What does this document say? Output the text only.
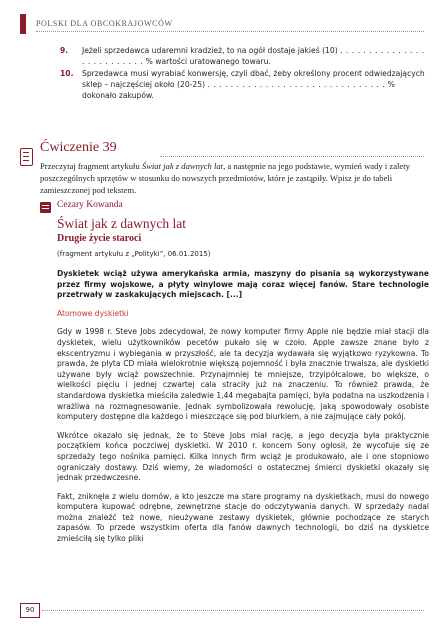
POLSKI DLA OBCOKRAJOWCÓW
9. Jeżeli sprzedawca udaremni kradzież, to na ogół dostaje jakieś (10) . . . . . . . . . . . . . . . . . . . . . . . . . . % wartości uratowanego towaru.
10. Sprzedawca musi wyrabiać konwersję, czyli dbać, żeby określony procent odwiedzających sklep – najczęściej około (20-25) . . . . . . . . . . . . . . . . . . . . . . . . . . . . . . . % dokonało zakupów.
Ćwiczenie 39
Przeczytaj fragment artykułu Świat jak z dawnych lat, a następnie na jego podstawie, wymień wady i zalety poszczególnych sprzętów w stosunku do nowszych przedmiotów, które je zastąpiły. Wpisz je do tabeli zamieszczonej pod tekstem.
Cezary Kowanda
Świat jak z dawnych lat
Drugie życie staroci
(fragment artykułu z „Polityki”, 06.01.2015)

Dyskietek wciąż używa amerykańska armia, maszyny do pisania są wykorzystywane przez firmy wojskowe, a płyty winylowe mają coraz więcej fanów. Stare technologie przetrwały w zaskakujących miejscach. [...]

Atomowe dyskietki

Gdy w 1998 r. Steve Jobs zdecydował, że nowy komputer firmy Apple nie będzie miał stacji dla dyskietek, wielu użytkowników pecetów pukało się w czoło. Apple zawsze znane było z ekscentryzmu i wybiegania w przyszłość, ale ta decyzja wydawała się wyjątkowo ryzykowna. To prawda, że płyta CD miała wielokrotnie większą pojemność i była znacznie trwalsza, ale dyskietki używane były wciąż powszechnie. Przynajmniej te mniejsze, trzyipółcalowe, bo większe, o wielkości pięciu i jednej czwartej cala straciły już na znaczeniu. To również prawda, że standardowa dyskietka mieściła zaledwie 1,44 megabajta pamięci, była podatna na uszkodzenia i wrażliwa na rozmagnesowanie. Jednak symbolizowała rewolucję, jaką spowodowały osobiste komputery dostępne dla każdego i mieszczące się pod biurkiem, a nie zajmujące cały pokój.

Wkrótce okazało się jednak, że to Steve Jobs miał rację, a jego decyzja była praktycznie początkiem końca poczciwej dyskietki. W 2010 r. koncern Sony ogłosił, że wycofuje się ze sprzedaży tego nośnika pamięci. Kilka innych firm wciąż je produkowało, ale i one stopniowo ograniczały dostawy. Dziś wiemy, że wiadomości o ostatecznej śmierci dyskietki okazały się jednak przedwczesne.

Fakt, zniknęła z wielu domów, a kto jeszcze ma stare programy na dyskietkach, musi do nowego komputera kupować odrębne, zewnętrzne stacje do odczytywania danych. W sprzedaży nadal można znaleźć też nowe, nieużywane zestawy dyskietek, głównie pochodzące ze starych zapasów. To przede wszystkim oferta dla fanów dawnych technologii, bo dziś na dyskietce zmieściłą się tylko pliki

90
